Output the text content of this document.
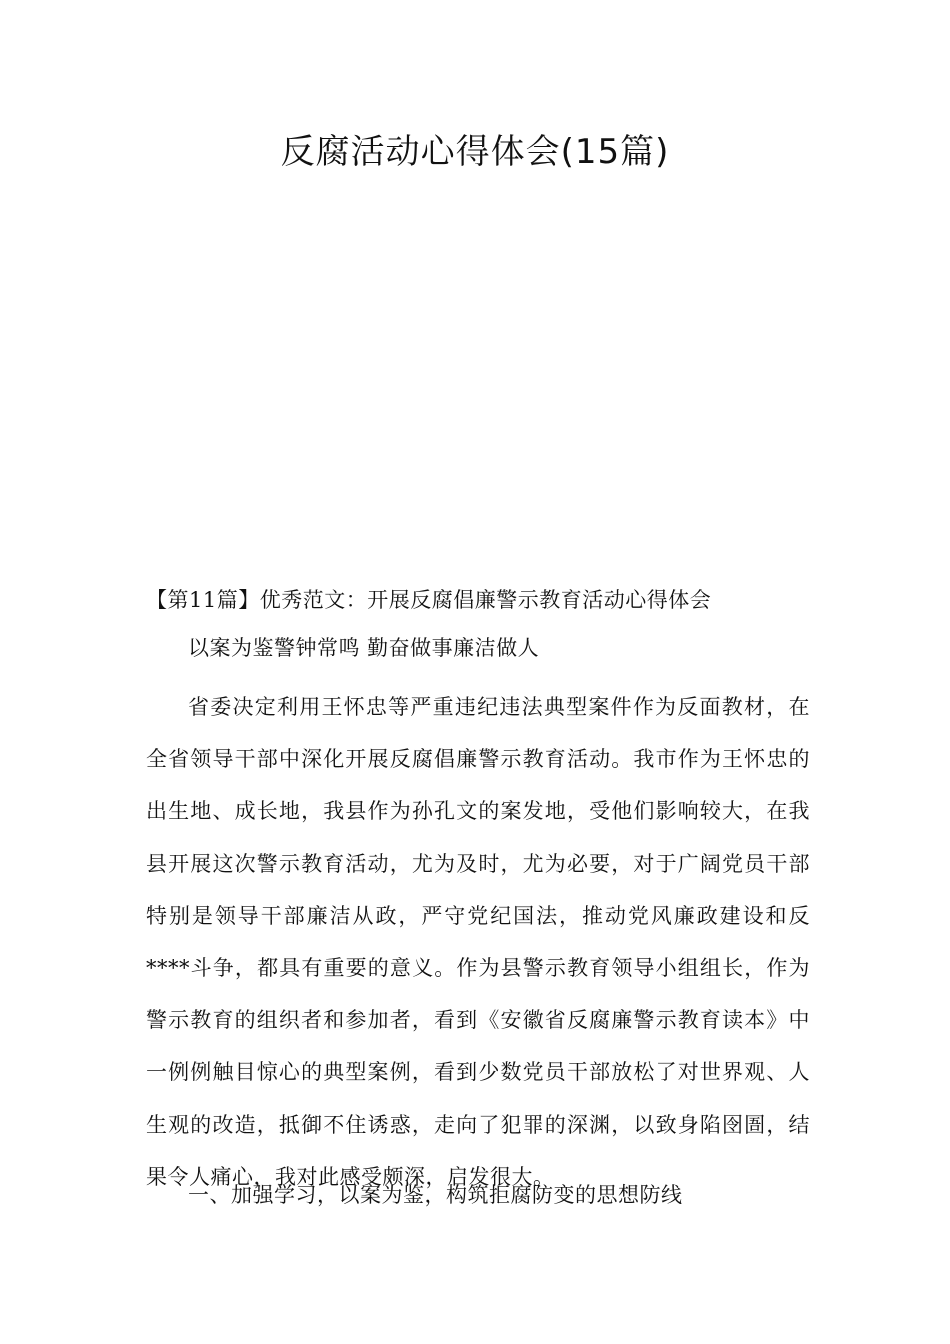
反腐活动心得体会(15篇)
【第11篇】优秀范文：开展反腐倡廉警示教育活动心得体会
以案为鉴警钟常鸣 勤奋做事廉洁做人

省委决定利用王怀忠等严重违纪违法典型案件作为反面教材，在全省领导干部中深化开展反腐倡廉警示教育活动。我市作为王怀忠的出生地、成长地，我县作为孙孔文的案发地，受他们影响较大，在我县开展这次警示教育活动，尤为及时，尤为必要，对于广阔党员干部特别是领导干部廉洁从政，严守党纪国法，推动党风廉政建设和反****斗争，都具有重要的意义。作为县警示教育领导小组组长，作为警示教育的组织者和参加者，看到《安徽省反腐廉警示教育读本》中一例例触目惊心的典型案例，看到少数党员干部放松了对世界观、人生观的改造，抵御不住诱惑，走向了犯罪的深渊，以致身陷囹圄，结果令人痛心，我对此感受颇深，启发很大。

一、加强学习，以案为鉴，构筑拒腐防变的思想防线
